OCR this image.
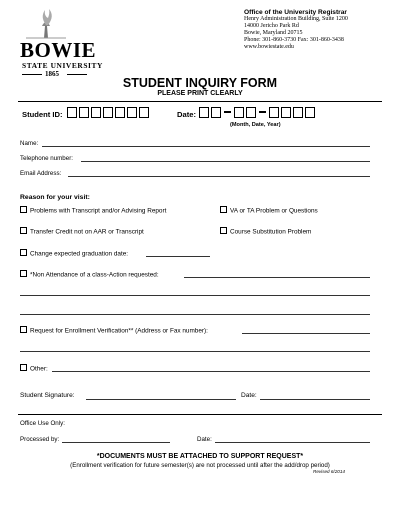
BOWIE
STATE UNIVERSITY
1865
Office of the University Registrar
Henry Administration Building, Suite 1200
14000 Jericho Park Rd
Bowie, Maryland 20715
Phone: 301-860-3730 Fax: 301-860-3438
www.bowiestate.edu
STUDENT INQUIRY FORM
PLEASE PRINT CLEARLY
Student ID:	Date:
(Month, Date, Year)
Name:
Telephone number:
Email Address:
Reason for your visit:
Problems with Transcript and/or Advising Report	VA or TA Problem or Questions
Transfer Credit not on AAR or Transcript	Course Substitution Problem
Change expected graduation date:
*Non Attendance of a class-Action requested:
Request for Enrollment Verification** (Address or Fax number):
Other:
Student Signature:	Date:
Office Use Only:
Processed by:	Date:
*DOCUMENTS MUST BE ATTACHED TO SUPPORT REQUEST*
(Enrollment verification for future semester(s) are not processed until after the add/drop period)
Revised 6/2014
